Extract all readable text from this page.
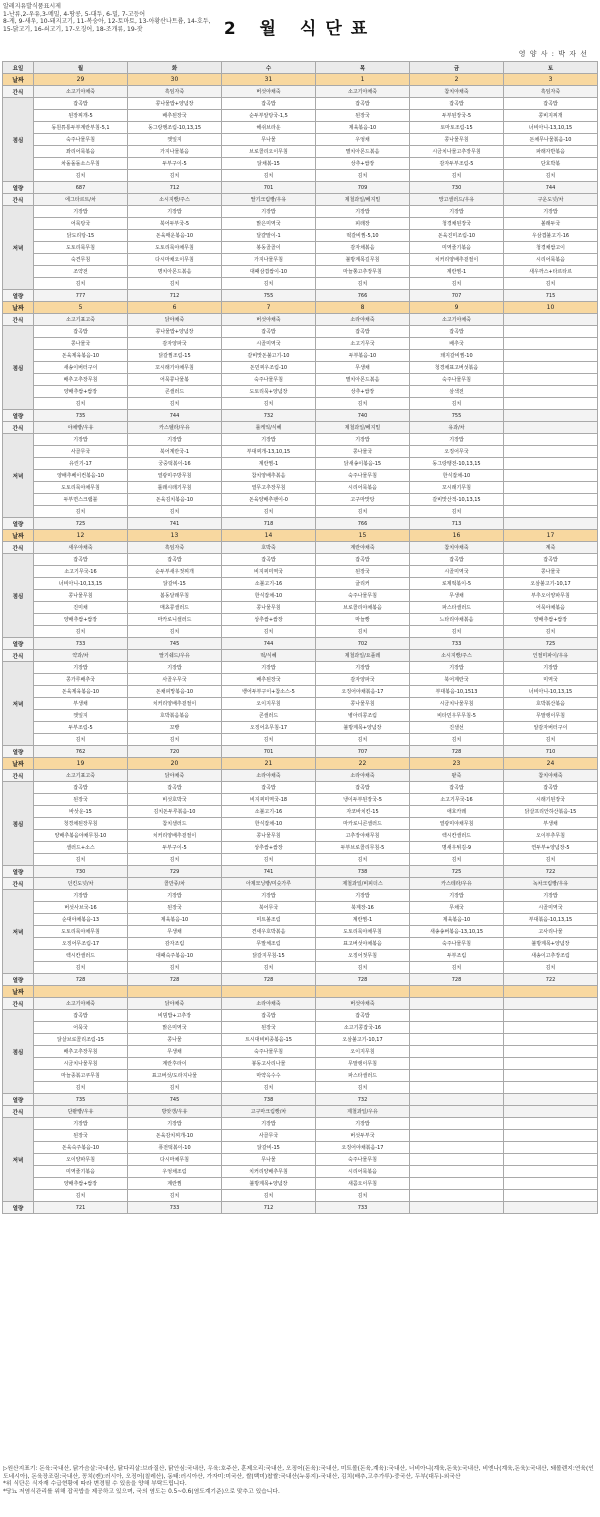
알레지유발식품표시제
1-난류,2-우유,3-메밀, 4-땅콩, 5-대두, 6-밀, 7-고등어
8-게, 9-새우, 10-돼지고기, 11-복숭아, 12-토마토, 13-아황산나트륨, 14-호두,
15-닭고기, 16-쇠고기, 17-오징어, 18-조개류, 19-잣	2 월 식단표
영 양 사 : 박 자 선
요일	월	화	수	목	금	토
날짜	29	30	31	1	2	3
간식	소고기야채죽	흑임자죽	버섯야채죽	소고기야채죽	참치야채죽	흑임자죽
점심	잡곡밥	콩나물밥+양념장	잡곡밥	잡곡밥	잡곡밥	잡곡밥
	된장찌개-5	배추된장국	순두부알탕국-1,5	된장국	두부된장국-5	콩비지찌개
	동원튜통두부계란부침-5,1	동그랑땡조림-10,13,15	해쉬브라운	제육볶음-10	토마토조림-15	너비아니-13,10,15
	숙주나물무침	깻잎지	무나물	우엉채	콩나물무침	돈채무나물볶음-10
	꽈리어묵볶음	가지나물볶음	브로콜리오이무침	멸치아몬드볶음	시금치나물고추장무침	파래자반볶음
	차돌돌돌소스무침	두부구이-5	닭채볶-15	상추+쌈장	감자두부조림-5	단호박볶
	김치	김치	김치	김치	김치	김치
열량	687	712	701	709	730	744
간식	에그타르트/차	소시지빵/주스	딸기크림빵/우유	제철과일/베지밀	망고샐러드/우유	구운도넛/차
저녁	기장밥	기장밥	기장밥	기장밥	기장밥	기장밥
	어묵탕국	북어두부국-5	맑은미역국	피래장	청경채된장국	볼래두국
	닭도리탕-15	돈육매운볶음-10	달걀말이-1	떡갈비찜-5,10	돈육진미조림-10	우삼겹불고기-16
	도토리묵무침	도토리묵야채무침	봉동골골이	감자채볶음	미역줄기볶음	청경채쌈고이
	숙견무침	다시마채오이무침	가지나물무침	불방계목길무침	치커리양배추겉절이	시리어묵볶음
	조약전	명치아몬드볶음	대패삼겹쌈이-10	마늘쫑고추장무침	계란찜-1	새우까스+타르타르
	김치	김치	김치	김치	김치	김치
열량	777	712	755	766	707	715
날짜	5	6	7	8	9	10
간식	소고기표고죽	닭야채죽	버섯야채죽	소라야채죽	소고기야채죽	
점심	잡곡밥	콩나물밥+양념장	잡곡밥	잡곡밥	잡곡밥	
	콩나물국	감자양파국	시골미역국	소고기무국	배추국	
	돈육제육볶음-10	닭갈찜조림-15	갈비맛돈불고기-10	두부볶음-10	돼지갈비찜-10	
	새송이버터구이	꼬시래기야채무침	돈민찌우조림-10	무생채	청경채표고버섯볶음	
	배추고추장무침	어묵콩나물볶	숙주나물무침	멸치아몬드볶음	숙주나물무침	
	양배추쌈+쌈장	콘샐러드	도토리묵+양념장	상추+쌈장	삼색전	
	김치	김치	김치	김치	김치	
열량	735	744	732	740	755	
간식	야채빵/우유	카스텔라/우유	롤케잌/식혜	제철과일/베지밀	유과/차	
저녁	기장밥	기장밥	기장밥	기장밥	기장밥	
	사골무국	북어계란국-1	부대찌개-13,10,15	콩나물국	오징어무국	
	유린기-17	궁중떡볶이-16	계란찜-1	닭새송이볶음-15	동그랑땡전-10,13,15	
	양배추베이컨볶음-10	열광미주방무침	참치양배추볶음	숙주나물무침	한식잡채-10	
	도토리묵야채무침	톨래시래기무침	열무고추장무침	시리어묵볶음	꼬시래기무침	
	두부면스크램블	돈육김치볶음-10	돈육양배추팬이-0	고구마맛탕	갈비맛산적-10,13,15	
	김치	김치	김치	김치	김치	
열량	725	741	718	766	713	
날짜	12	13	14	15	16	17
간식	새우야채죽	흑임자죽	호박죽	계란야채죽	참치야채죽	계죽
점심	잡곡밥	잡곡밥	잡곡밥	잡곡밥	잡곡밥	잡곡밥
	소고기무국-16	순두부새우젓찌개	비지찌미역국	된장국	시골미역국	콩나물국
	너비아니-10,13,15	닭갈비-15	소불고기-16	굴리커	로제떡볶이-5	오삼불고기-10,17
	콩나물무침	봄동달래무침	한식잡채-10	숙주나물무침	무생채	부추오이양파무침
	진미채	매쵸콩샐러드	콩나물무침	브로콜리야채볶음	파스타샐러드	어묵야채볶음
	양배추쌈+쌈장	마카로니샐러드	상추쌈+쌈장	마늘빵	느타리야채볶음	양배추쌈+쌈장
	김치	김치	김치	김치	김치	김치
열량	733	745	744	702	733	725
간식	약과/차	딸기쉐드/우유	떡/식혜	제철과일/요플레	소시지빵/주스	인절미파이/우유
저녁	기장밥	기장밥	기장밥	기장밥	기장밥	기장밥
	콩가루배추국	사골우무국	배추된장국	감자양파국	북어계란국	미역국
	돈육제육볶음-10	돈채피망볶음-10	뱅어두부구이+참소스-5	오징어야채볶음-17	부대볶음-10,1513	너비아니-10,13,15
	부생채	치커리양배추겉절이	오이지무침	콩나물무침	시금치나물무침	호박볶산볶음
	깻잎지	호박볶음볶음	콘샐러드	병아리콩조림	비타민우무무침-5	무말랭이무침
	두부조림-5	꼬빵	오징어초무침-17	불방계목+양념장	진샐선	알감자버터구이
	김치	김치	김치	김치	김치	김치
열량	762	720	701	707	728	710
날짜	19	20	21	22	23	24
간식	소고기표고죽	닭야채죽	소라야채죽	소라야채죽	팥죽	참치야채죽
점심	잡곡밥	잡곡밥	잡곡밥	잡곡밥	잡곡밥	잡곡밥
	된장국	비섯호박국	비지찌미역국-18	냉이두부된장국-5	소고기무국-16	시래기된장국
	바삿운-15	김치돈두루볶음-10	소불고기-16	자코바치킨-15	애호카레	닭살프리안하산볶음-15
	청경채된장무침	참치샐러드	한식잡채-10	마카로니콘샐러드	열광미야채무침	부생채
	양배추볶음야채무침-10	치커리양배추겉절이	콩나물무침	고추장야채무침	렉시칸샐러드	오이부추무침
	샐러드+소스	두부구이-5	상추쌈+쌈장	두부브로콜리무침-5	명새우튀김-9	연두부+양념장-5
	김치	김치	김치	김치	김치	김치
열량	730	729	741	738	725	722
간식	던킨도넛/차	콜만쥬/차	아제모닝빵/미숫가루	제철과일/비피더스	카스테라/우유	녹차크림빵/우유
저녁	기장밥	기장밥	기장밥	기장밥	기장밥	기장밥
	버섯사브국-16	된장국	북어무국	북계장-16	무채국	시골미역국
	순대야채볶음-13	제육볶음-10	미트볼조림	계란찜-1	제육볶음-10	부대볶음-10,13,15
	도토리묵야채무침	무생채	견새우호박볶음	도토리묵야채무침	새송송버볶음-13,10,15	고사리나물
	오징어무조림-17	감자조림	무말체조림	표고버섯야채볶음	숙주나물무침	불방계목+양념장
	렉시칸샐러드	대패숙주볶음-10	닭갈지무침-15	오징어젓무침	두부조림	새송이고추장조림
	김치	김치	김치	김치	김치	김치
열량	728	728	728	728	728	722
날짜						
간식	소고기야채죽	닭야채죽	소라야채죽	버섯야채죽		
점심	잡곡밥	비빔밥+고추장	잡곡밥	잡곡밥		
	어묵국	맑은미역국	된장국	소고기콩잡국-16		
	닭살브로콜리조림-15	콩나물	트시대비비종볶음-15	오삼불고기-10,17		
	배추고추장무침	무생채	숙주나물무침	오이지무침		
	시금치나물무침	계란후라이	봉동고사리나물	무말랭이무침		
	마늘종볶고쿠무침	표고버섯/도라지나물	마약옥수수	파스타샐러드		
	김치	김치	김치	김치		
열량	735	745	738	732		
간식	단팥빵/우유	방앗갱/우유	고구마크림빵/차	제철과일/우유		
저녁	기장밥	기장밥	기장밥	기장밥		
	된장국	돈육감치찌개-10	사골무국	버섯두부국		
	돈육숙주볶음-10	퓨전떡볶이-10	닭갈비-15	오징어야채볶음-17		
	오이양파무침	다시마채무침	무나물	숙주나물무침		
	미역줄기볶음	우엉채조림	치커리양배추무침	시리어묵볶음		
	양배추쌈+쌈장	계란찜	불방계목+양념장	새콤오이무침		
	김치	김치	김치	김치		
열량	721	733	712	733		
▷원산지표기: 돈육:국내산, 닭가슴살:국내산, 닭다리살:브라질산, 닭안심:국내산, 우육:호주산, 훈제오리:국내산, 오징어(돈육):국내산, 미트볼(돈육,계육):국내산, 너비아니(계육,돈육):국내산, 비엔나(계육,돈육):국내산, 돼볼렌지:연육(인도네시아), 돈육장조림:국내산, 꽁치(캔):러시아, 오징어(칠레산), 동태:러시아산, 가자미:미국산, 쌀(백미)찹쌀:국내산(누룽지)-국내산, 김치(배추,고추가루)-중국산, 두부(대두)-외국산
*위 식단은 식자재 수급현황에 따라 변경될 수 있음을 양해 부탁드립니다.
*당뇨 저염식관리를 위해 잡곡밥을 제공하고 있으며, 국의 염도는 0.5~0.6(염도계기준)으로 맞추고 있습니다.
